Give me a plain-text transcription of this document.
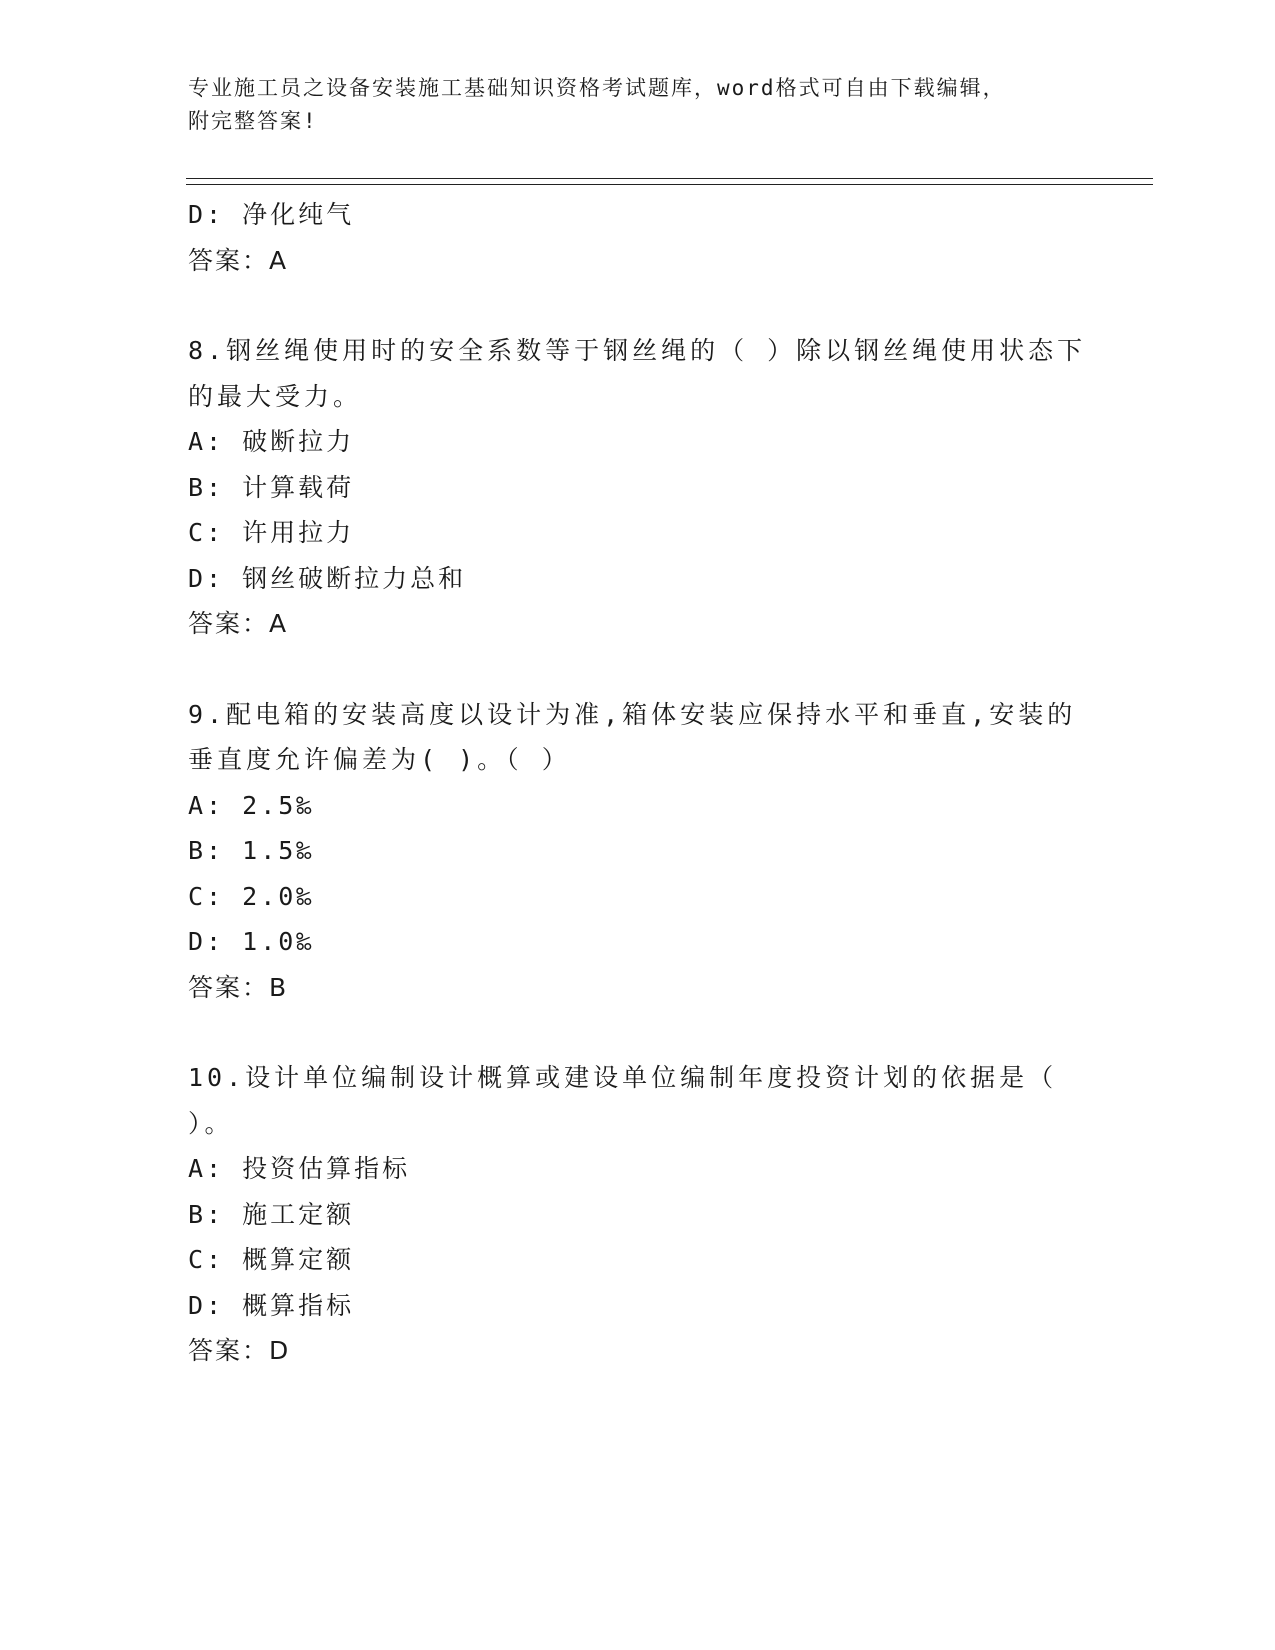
专业施工员之设备安装施工基础知识资格考试题库，word格式可自由下载编辑，
附完整答案!
D: 净化纯气
答案：A
8.钢丝绳使用时的安全系数等于钢丝绳的（ ）除以钢丝绳使用状态下
的最大受力。
A: 破断拉力
B: 计算载荷
C: 许用拉力
D: 钢丝破断拉力总和
答案：A
9.配电箱的安装高度以设计为准,箱体安装应保持水平和垂直,安装的
垂直度允许偏差为( )。（ ）
A: 2.5‰
B: 1.5‰
C: 2.0‰
D: 1.0‰
答案：B
10.设计单位编制设计概算或建设单位编制年度投资计划的依据是（
）。
A: 投资估算指标
B: 施工定额
C: 概算定额
D: 概算指标
答案：D
